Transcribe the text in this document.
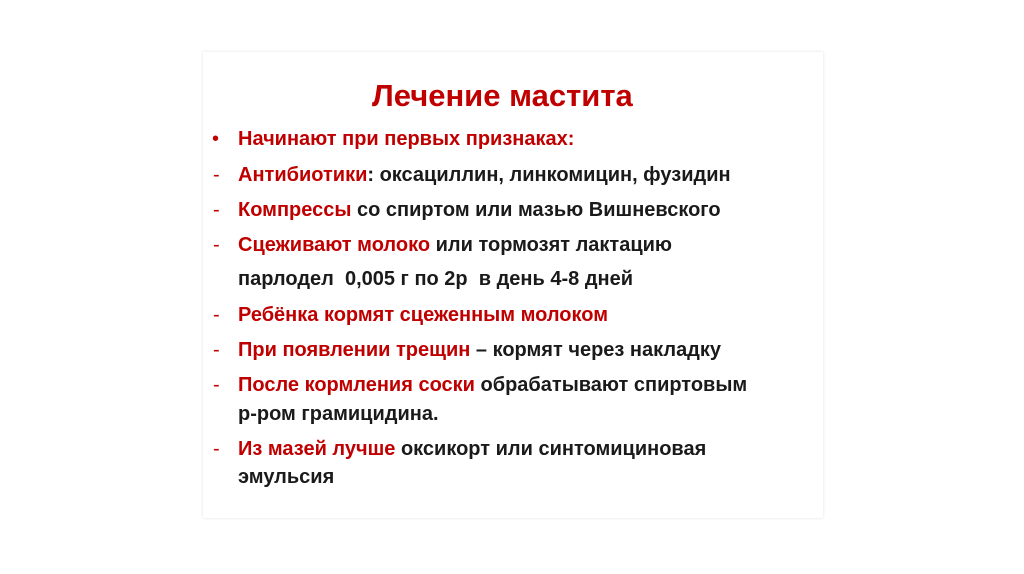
Лечение мастита
• Начинают при первых признаках:
- Антибиотики: оксациллин, линкомицин, фузидин
- Компрессы со спиртом или мазью Вишневского
- Сцеживают молоко или тормозят лактацию
парлодел  0,005 г по 2р  в день 4-8 дней
- Ребёнка кормят сцеженным молоком
- При появлении трещин – кормят через накладку
- После кормления соски обрабатывают спиртовым
р-ром грамицидина.
- Из мазей лучше оксикорт или синтомициновая
эмульсия
